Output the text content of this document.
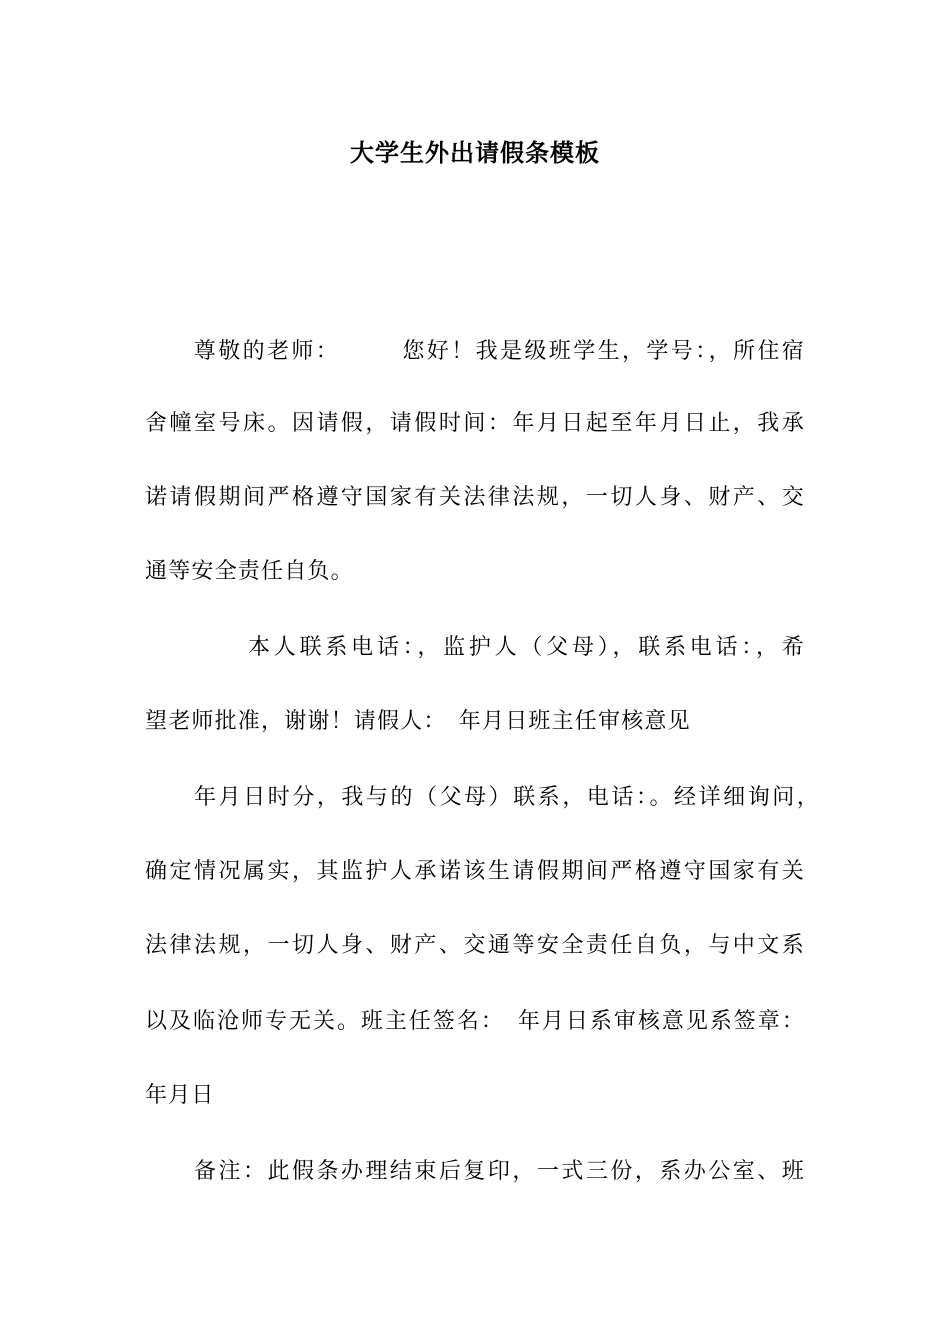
大学生外出请假条模板
　　尊敬的老师：　　　您好！我是级班学生，学号：，所住宿
舍幢室号床。因请假，请假时间：年月日起至年月日止，我承
诺请假期间严格遵守国家有关法律法规，一切人身、财产、交
通等安全责任自负。
　　　　本人联系电话：，监护人（父母），联系电话：，希
望老师批准，谢谢！请假人：　年月日班主任审核意见
　　年月日时分，我与的（父母）联系，电话：。经详细询问，
确定情况属实，其监护人承诺该生请假期间严格遵守国家有关
法律法规，一切人身、财产、交通等安全责任自负，与中文系
以及临沧师专无关。班主任签名：　年月日系审核意见系签章：
年月日
　　备注：此假条办理结束后复印，一式三份，系办公室、班
